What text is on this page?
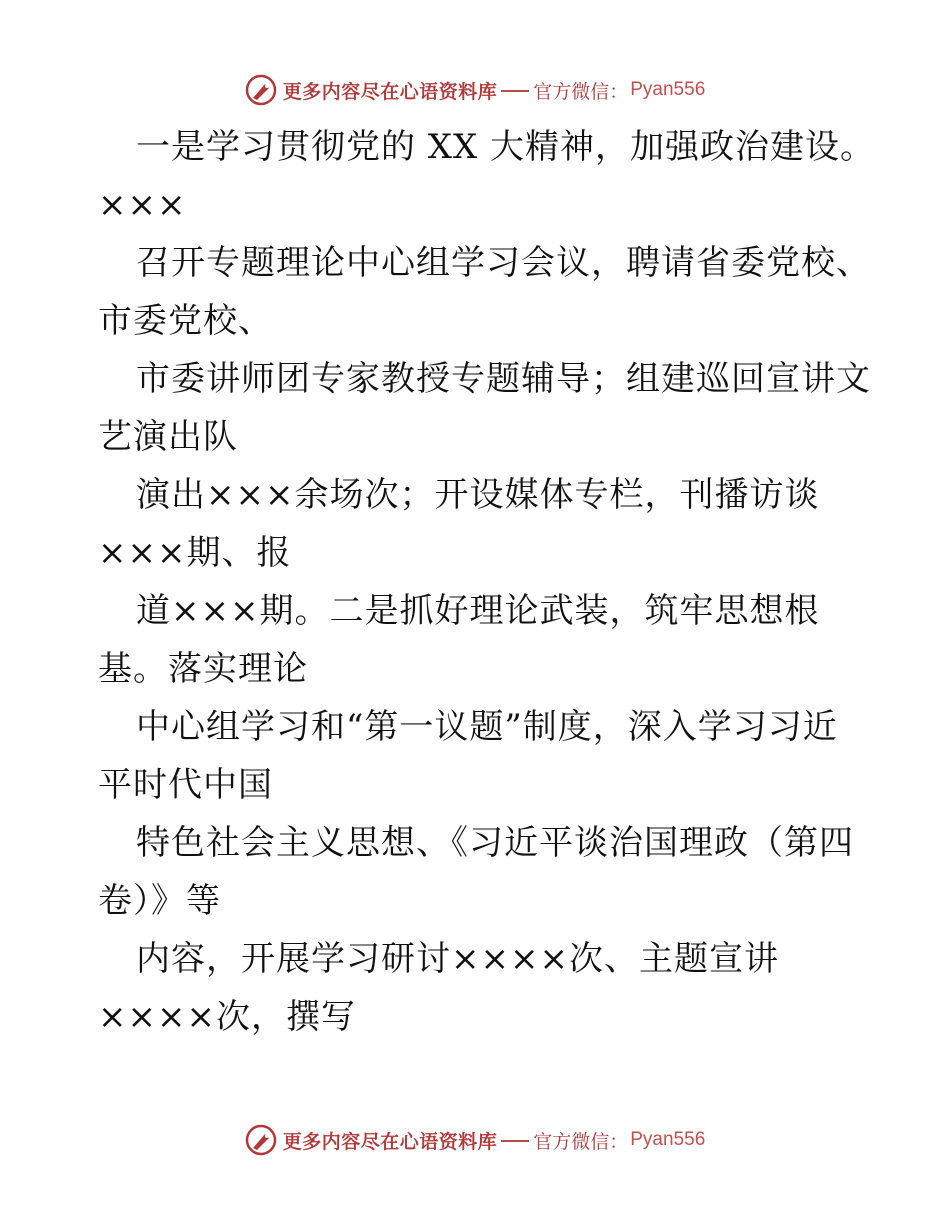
更多内容尽在心语资料库 官方微信： Pyan556
一是学习贯彻党的 XX 大精神，加强政治建设。
×××
召开专题理论中心组学习会议，聘请省委党校、
市委党校、
市委讲师团专家教授专题辅导；组建巡回宣讲文
艺演出队
演出×××余场次；开设媒体专栏，刊播访谈
×××期、报
道×××期。二是抓好理论武装，筑牢思想根
基。落实理论
中心组学习和“第一议题”制度，深入学习习近
平时代中国
特色社会主义思想、《习近平谈治国理政（第四
卷）》等
内容，开展学习研讨××××次、主题宣讲
××××次，撰写
更多内容尽在心语资料库 官方微信： Pyan556
